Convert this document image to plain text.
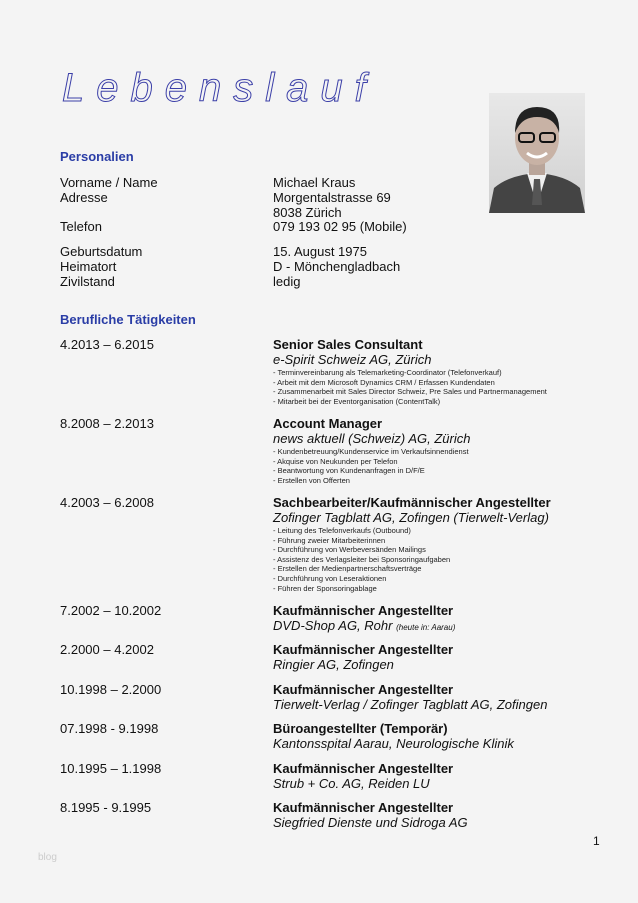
Lebenslauf
Personalien
Vorname / Name	Michael Kraus
Adresse	Morgentalstrasse 69
8038 Zürich
Telefon	079 193 02 95 (Mobile)
Geburtsdatum	15. August 1975
Heimatort	D - Mönchengladbach
Zivilstand	ledig
Berufliche Tätigkeiten
4.2013 – 6.2015	Senior Sales Consultant
e-Spirit Schweiz AG, Zürich
- Terminvereinbarung als Telemarketing-Coordinator (Telefonverkauf)
- Arbeit mit dem Microsoft Dynamics CRM / Erfassen Kundendaten
- Zusammenarbeit mit Sales Director Schweiz, Pre Sales und Partnermanagement
- Mitarbeit bei der Eventorganisation (ContentTalk)
8.2008 – 2.2013	Account Manager
news aktuell (Schweiz) AG, Zürich
- Kundenbetreuung/Kundenservice im Verkaufsinnendienst
- Akquise von Neukunden per Telefon
- Beantwortung von Kundenanfragen in D/F/E
- Erstellen von Offerten
4.2003 – 6.2008	Sachbearbeiter/Kaufmännischer Angestellter
Zofinger Tagblatt AG, Zofingen (Tierwelt-Verlag)
- Leitung des Telefonverkaufs (Outbound)
- Führung zweier Mitarbeiterinnen
- Durchführung von Werbeversänden Mailings
- Assistenz des Verlagsleiter bei Sponsoringaufgaben
- Erstellen der Medienpartnerschaftsverträge
- Durchführung von Leseraktionen
- Führen der Sponsoringablage
7.2002 – 10.2002	Kaufmännischer Angestellter
DVD-Shop AG, Rohr (heute in: Aarau)
2.2000 – 4.2002	Kaufmännischer Angestellter
Ringier AG, Zofingen
10.1998 – 2.2000	Kaufmännischer Angestellter
Tierwelt-Verlag / Zofinger Tagblatt AG, Zofingen
07.1998 - 9.1998	Büroangestellter (Temporär)
Kantonsspital Aarau, Neurologische Klinik
10.1995 – 1.1998	Kaufmännischer Angestellter
Strub + Co. AG, Reiden LU
8.1995 - 9.1995	Kaufmännischer Angestellter
Siegfried Dienste und Sidroga AG
1
blog
